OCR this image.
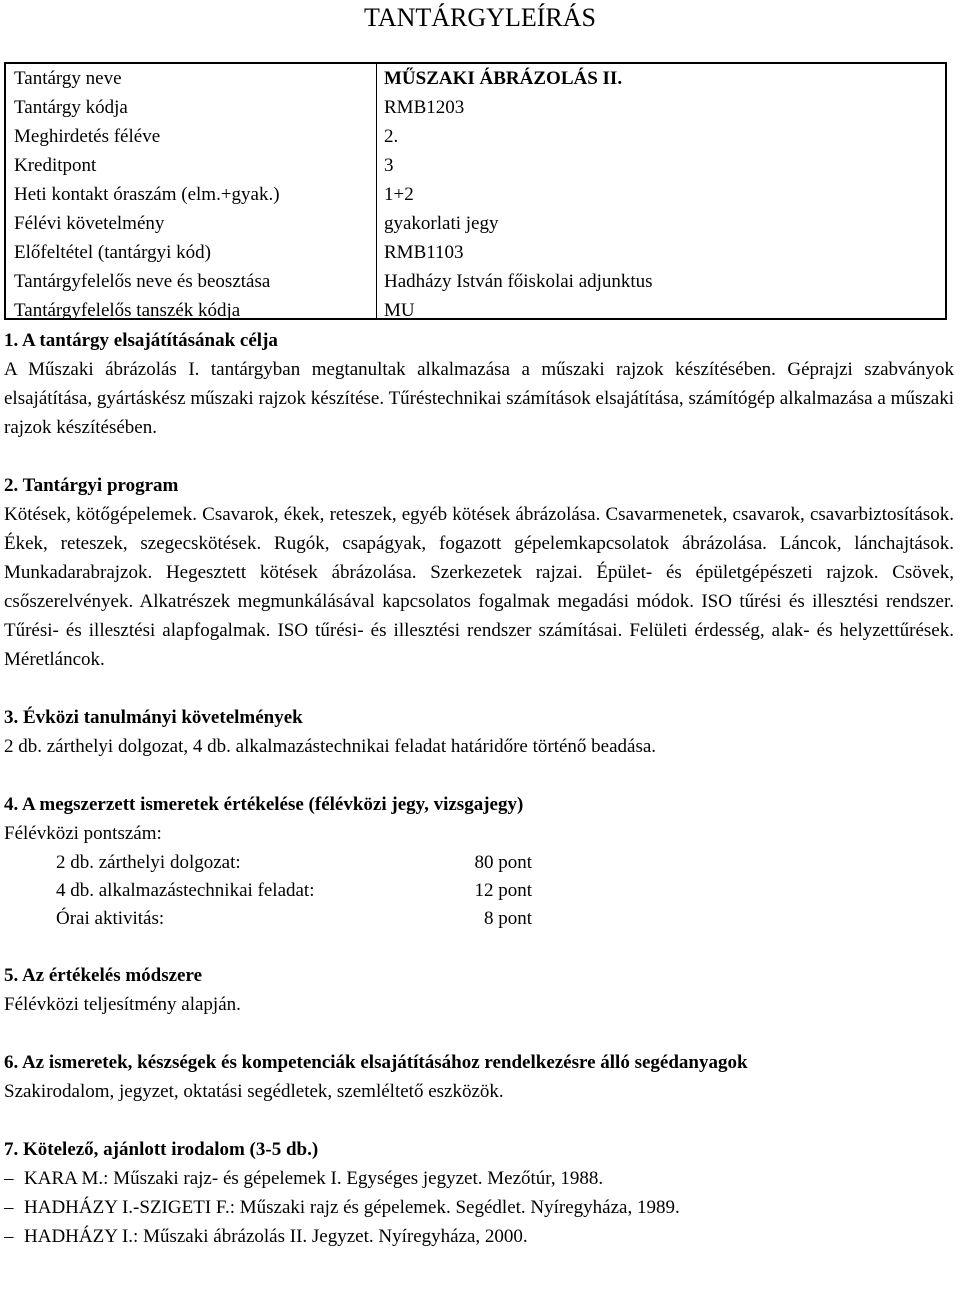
TANTÁRGYLEÍRÁS
Tantárgy neve	MŰSZAKI ÁBRÁZOLÁS II.
Tantárgy kódja	RMB1203
Meghirdetés féléve	2.
Kreditpont	3
Heti kontakt óraszám (elm.+gyak.)	1+2
Félévi követelmény	gyakorlati jegy
Előfeltétel (tantárgyi kód)	RMB1103
Tantárgyfelelős neve és beosztása	Hadházy István főiskolai adjunktus
Tantárgyfelelős tanszék kódja	MU
1. A tantárgy elsajátításának célja

A Műszaki ábrázolás I. tantárgyban megtanultak alkalmazása a műszaki rajzok készítésében. Géprajzi szabványok elsajátítása, gyártáskész műszaki rajzok készítése. Tűréstechnikai számítások elsajátítása, számítógép alkalmazása a műszaki rajzok készítésében.

2. Tantárgyi program

Kötések, kötőgépelemek. Csavarok, ékek, reteszek, egyéb kötések ábrázolása. Csavarmenetek, csavarok, csavarbiztosítások. Ékek, reteszek, szegecskötések. Rugók, csapágyak, fogazott gépelemkapcsolatok ábrázolása. Láncok, lánchajtások. Munkadarabrajzok. Hegesztett kötések ábrázolása. Szerkezetek rajzai. Épület- és épületgépészeti rajzok. Csövek, csőszerelvények. Alkatrészek megmunkálásával kapcsolatos fogalmak megadási módok. ISO tűrési és illesztési rendszer. Tűrési- és illesztési alapfogalmak. ISO tűrési- és illesztési rendszer számításai. Felületi érdesség, alak- és helyzettűrések. Méretláncok.

3. Évközi tanulmányi követelmények

2 db. zárthelyi dolgozat, 4 db. alkalmazástechnikai feladat határidőre történő beadása.

4. A megszerzett ismeretek értékelése (félévközi jegy, vizsgajegy)

Félévközi pontszám:

2 db. zárthelyi dolgozat:	80 pont
4 db. alkalmazástechnikai feladat:	12 pont
Órai aktivitás:	8 pont
5. Az értékelés módszere

Félévközi teljesítmény alapján.

6. Az ismeretek, készségek és kompetenciák elsajátításához rendelkezésre álló segédanyagok

Szakirodalom, jegyzet, oktatási segédletek, szemléltető eszközök.

7. Kötelező, ajánlott irodalom (3-5 db.)
– KARA M.: Műszaki rajz- és gépelemek I. Egységes jegyzet. Mezőtúr, 1988.
– HADHÁZY I.-SZIGETI F.: Műszaki rajz és gépelemek. Segédlet. Nyíregyháza, 1989.
– HADHÁZY I.: Műszaki ábrázolás II. Jegyzet. Nyíregyháza, 2000.
